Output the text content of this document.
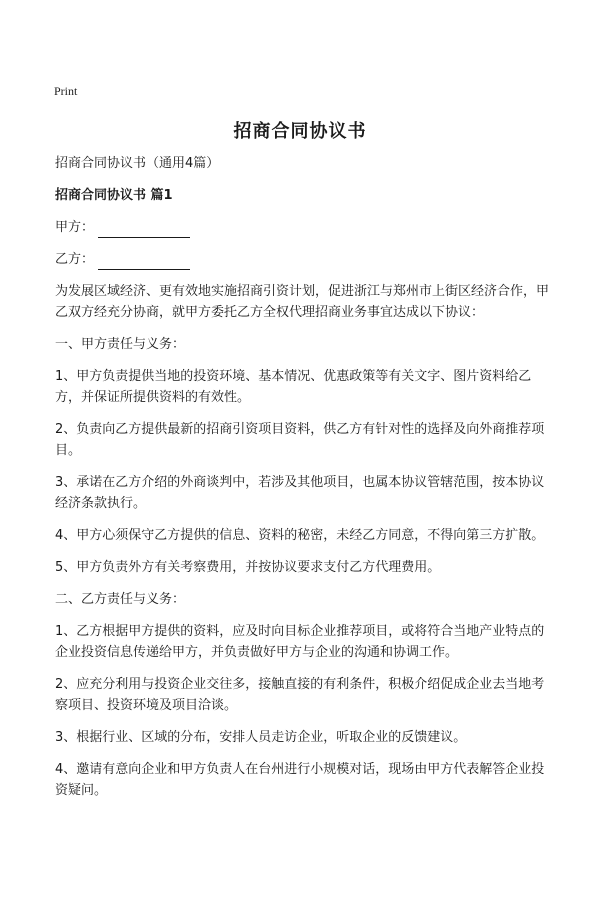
Print
招商合同协议书

招商合同协议书（通用4篇）

招商合同协议书 篇1

甲方：

乙方：

为发展区域经济、更有效地实施招商引资计划，促进浙江与郑州市上街区经济合作，甲乙双方经充分协商，就甲方委托乙方全权代理招商业务事宜达成以下协议：

一、甲方责任与义务：

1、甲方负责提供当地的投资环境、基本情况、优惠政策等有关文字、图片资料给乙方，并保证所提供资料的有效性。

2、负责向乙方提供最新的招商引资项目资料，供乙方有针对性的选择及向外商推荐项目。

3、承诺在乙方介绍的外商谈判中，若涉及其他项目，也属本协议管辖范围，按本协议经济条款执行。

4、甲方心须保守乙方提供的信息、资料的秘密，未经乙方同意，不得向第三方扩散。

5、甲方负责外方有关考察费用，并按协议要求支付乙方代理费用。

二、乙方责任与义务：

1、乙方根据甲方提供的资料，应及时向目标企业推荐项目，或将符合当地产业特点的企业投资信息传递给甲方，并负责做好甲方与企业的沟通和协调工作。

2、应充分利用与投资企业交往多，接触直接的有利条件，积极介绍促成企业去当地考察项目、投资环境及项目洽谈。

3、根据行业、区域的分布，安排人员走访企业，听取企业的反馈建议。

4、邀请有意向企业和甲方负责人在台州进行小规模对话，现场由甲方代表解答企业投资疑问。
